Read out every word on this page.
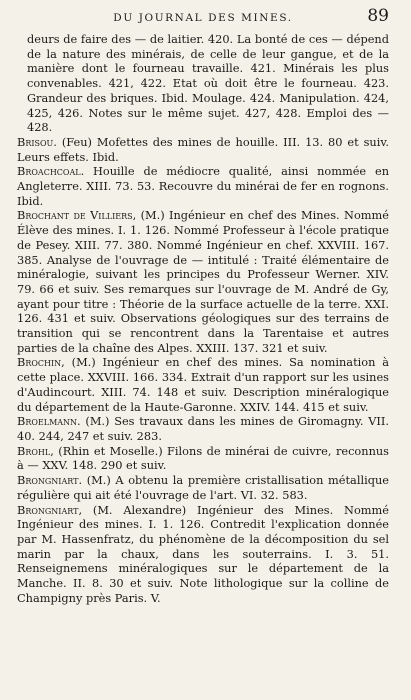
DU JOURNAL DES MINES.	89

deurs de faire des — de laitier. 420. La bonté de ces — dépend de la nature des minérais, de celle de leur gangue, et de la manière dont le fourneau travaille. 421. Minérais les plus convenables. 421, 422. Etat où doit être le fourneau. 423. Grandeur des briques. Ibid. Moulage. 424. Manipulation. 424, 425, 426. Notes sur le même sujet. 427, 428. Emploi des — 428.

Brisou. (Feu) Mofettes des mines de houille. III. 13. 80 et suiv. Leurs effets. Ibid.

Broachcoal. Houille de médiocre qualité, ainsi nommée en Angleterre. XIII. 73. 53. Recouvre du minérai de fer en rognons. Ibid.

Brochant de Villiers, (M.) Ingénieur en chef des Mines. Nommé Élève des mines. I. 1. 126. Nommé Professeur à l'école pratique de Pesey. XIII. 77. 380. Nommé Ingénieur en chef. XXVIII. 167. 385. Analyse de l'ouvrage de — intitulé : Traité élémentaire de minéralogie, suivant les principes du Professeur Werner. XIV. 79. 66 et suiv. Ses remarques sur l'ouvrage de M. André de Gy, ayant pour titre : Théorie de la surface actuelle de la terre. XXI. 126. 431 et suiv. Observations géologiques sur des terrains de transition qui se rencontrent dans la Tarentaise et autres parties de la chaîne des Alpes. XXIII. 137. 321 et suiv.

Brochin, (M.) Ingénieur en chef des mines. Sa nomination à cette place. XXVIII. 166. 334. Extrait d'un rapport sur les usines d'Audincourt. XIII. 74. 148 et suiv. Description minéralogique du département de la Haute-Garonne. XXIV. 144. 415 et suiv.

Broelmann. (M.) Ses travaux dans les mines de Giromagny. VII. 40. 244, 247 et suiv. 283.

Brohl, (Rhin et Moselle.) Filons de minérai de cuivre, reconnus à — XXV. 148. 290 et suiv.

Brongniart. (M.) A obtenu la première cristallisation métallique régulière qui ait été l'ouvrage de l'art. VI. 32. 583.

Brongniart, (M. Alexandre) Ingénieur des Mines. Nommé Ingénieur des mines. I. 1. 126. Contredit l'explication donnée par M. Hassenfratz, du phénomène de la décomposition du sel marin par la chaux, dans les souterrains. I. 3. 51. Renseignemens minéralogiques sur le département de la Manche. II. 8. 30 et suiv. Note lithologique sur la colline de Champigny près Paris. V.
